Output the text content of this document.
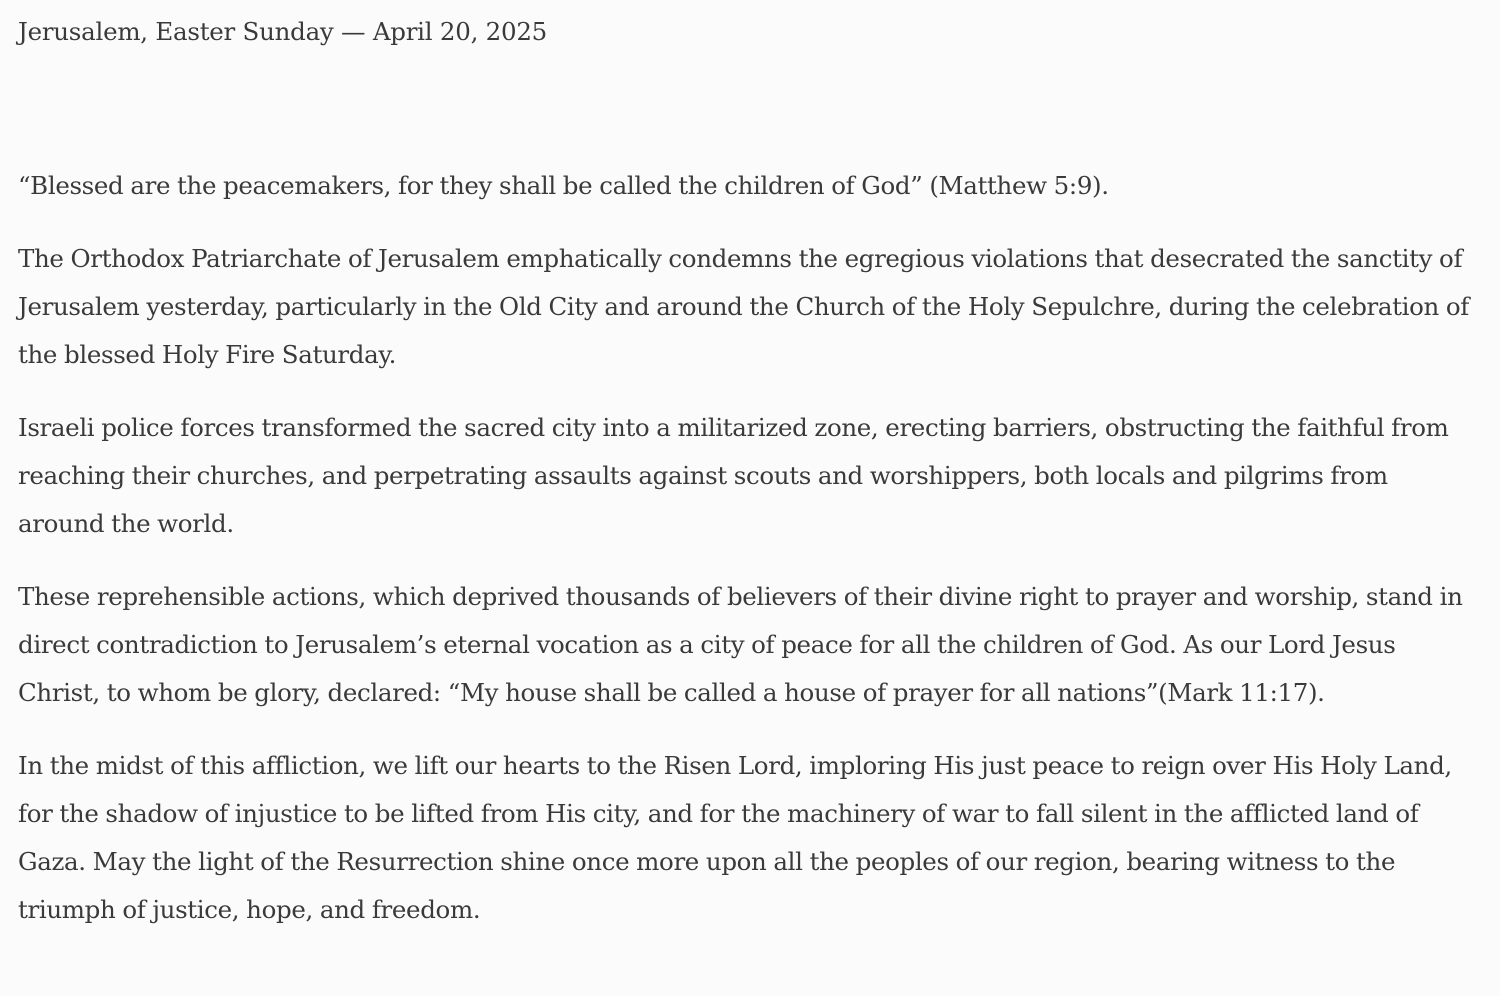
Jerusalem, Easter Sunday — April 20, 2025

“Blessed are the peacemakers, for they shall be called the children of God” (Matthew 5:9).

The Orthodox Patriarchate of Jerusalem emphatically condemns the egregious violations that desecrated the sanctity of Jerusalem yesterday, particularly in the Old City and around the Church of the Holy Sepulchre, during the celebration of the blessed Holy Fire Saturday.

Israeli police forces transformed the sacred city into a militarized zone, erecting barriers, obstructing the faithful from reaching their churches, and perpetrating assaults against scouts and worshippers, both locals and pilgrims from around the world.

These reprehensible actions, which deprived thousands of believers of their divine right to prayer and worship, stand in direct contradiction to Jerusalem’s eternal vocation as a city of peace for all the children of God. As our Lord Jesus Christ, to whom be glory, declared: “My house shall be called a house of prayer for all nations”(Mark 11:17).

In the midst of this affliction, we lift our hearts to the Risen Lord, imploring His just peace to reign over His Holy Land, for the shadow of injustice to be lifted from His city, and for the machinery of war to fall silent in the afflicted land of Gaza. May the light of the Resurrection shine once more upon all the peoples of our region, bearing witness to the triumph of justice, hope, and freedom.
